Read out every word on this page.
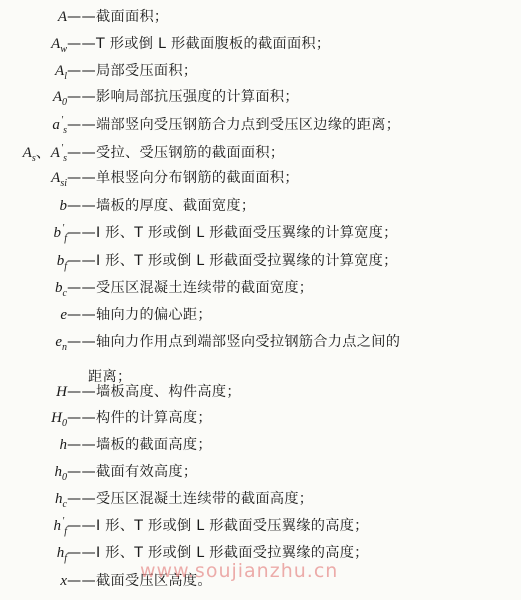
A ——截面面积；
$A_w$ ——T 形或倒 L 形截面腹板的截面面积；
$A_l$ ——局部受压面积；
$A_0$ ——影响局部抗压强度的计算面积；
$a'_s$ ——端部竖向受压钢筋合力点到受压区边缘的距离；
$A_s$、$A'_s$ ——受拉、受压钢筋的截面面积；
$A_{si}$ ——单根竖向分布钢筋的截面面积；
b ——墙板的厚度、截面宽度；
$b'_f$ ——I 形、T 形或倒 L 形截面受压翼缘的计算宽度；
$b_f$ ——I 形、T 形或倒 L 形截面受拉翼缘的计算宽度；
$b_c$ ——受压区混凝土连续带的截面宽度；
e ——轴向力的偏心距；
$e_n$ ——轴向力作用点到端部竖向受拉钢筋合力点之间的
距离；
H ——墙板高度、构件高度；
$H_0$ ——构件的计算高度；
h ——墙板的截面高度；
$h_0$ ——截面有效高度；
$h_c$ ——受压区混凝土连续带的截面高度；
$h'_f$ ——I 形、T 形或倒 L 形截面受压翼缘的高度；
$h_f$ ——I 形、T 形或倒 L 形截面受拉翼缘的高度；
x ——截面受压区高度。
www.soujianzhu.cn
